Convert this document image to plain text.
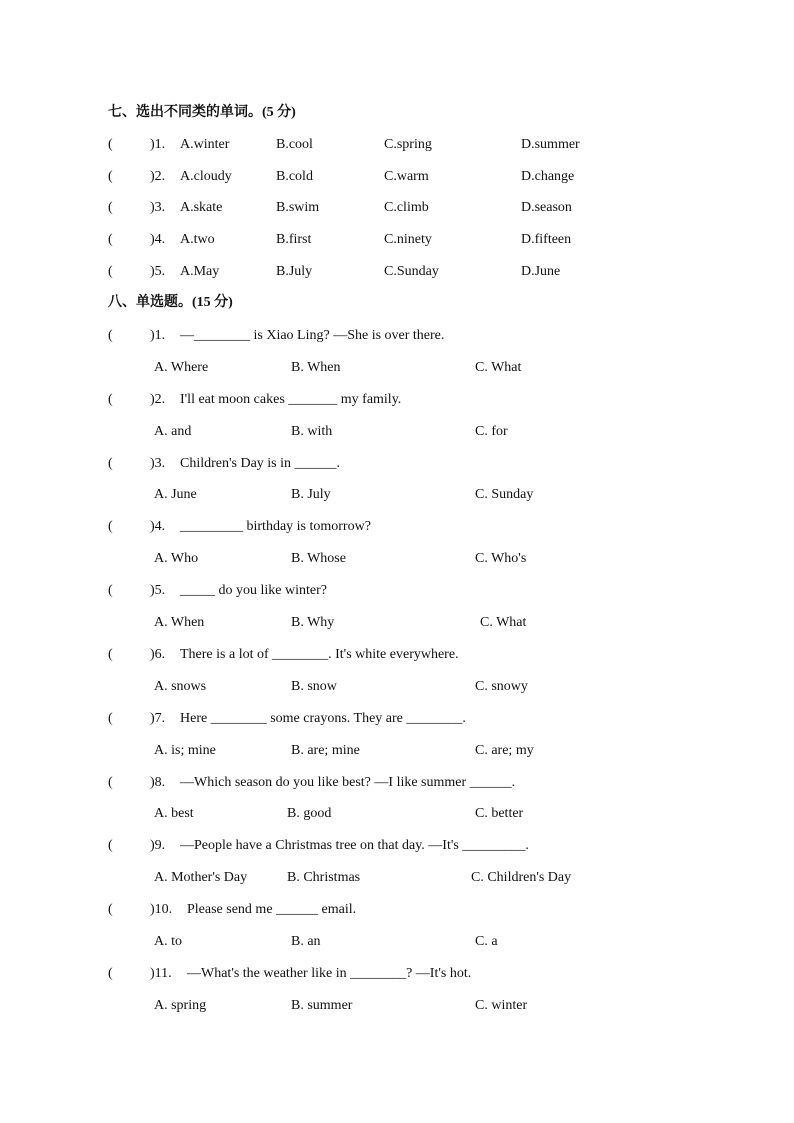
七、选出不同类的单词。(5 分)
(	)1. A.winter	B.cool	C.spring	D.summer
(	)2. A.cloudy	B.cold	C.warm	D.change
(	)3. A.skate	B.swim	C.climb	D.season
(	)4. A.two	B.first	C.ninety	D.fifteen
(	)5. A.May	B.July	C.Sunday	D.June
八、单选题。(15 分)
(	)1. —________ is Xiao Ling? —She is over there.
A. Where	B. When	C. What
(	)2. I'll eat moon cakes _______ my family.
A. and	B. with	C. for
(	)3. Children's Day is in ______.
A. June	B. July	C. Sunday
(	)4. _________ birthday is tomorrow?
A. Who	B. Whose	C. Who's
(	)5. _____ do you like winter?
A. When	B. Why	C. What
(	)6. There is a lot of ________. It's white everywhere.
A. snows	B. snow	C. snowy
(	)7. Here ________ some crayons. They are ________.
A. is; mine	B. are; mine	C. are; my
(	)8. —Which season do you like best? —I like summer ______.
A. best	B. good	C. better
(	)9. —People have a Christmas tree on that day. —It's _________.
A. Mother's Day	B. Christmas	C. Children's Day
(	)10. Please send me ______ email.
A. to	B. an	C. a
(	)11. —What's the weather like in ________? —It's hot.
A. spring	B. summer	C. winter
